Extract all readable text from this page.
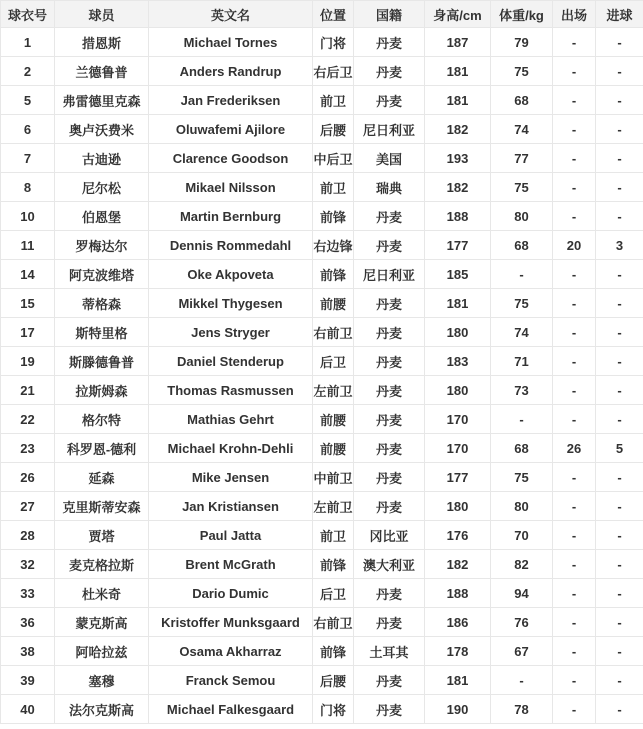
球衣号	球员	英文名	位置	国籍	身高/cm	体重/kg	出场	进球
1	措恩斯	Michael Tornes	门将	丹麦	187	79	-	-
2	兰德鲁普	Anders Randrup	右后卫	丹麦	181	75	-	-
5	弗雷德里克森	Jan Frederiksen	前卫	丹麦	181	68	-	-
6	奥卢沃费米	Oluwafemi Ajilore	后腰	尼日利亚	182	74	-	-
7	古迪逊	Clarence Goodson	中后卫	美国	193	77	-	-
8	尼尔松	Mikael Nilsson	前卫	瑞典	182	75	-	-
10	伯恩堡	Martin Bernburg	前锋	丹麦	188	80	-	-
11	罗梅达尔	Dennis Rommedahl	右边锋	丹麦	177	68	20	3
14	阿克波维塔	Oke Akpoveta	前锋	尼日利亚	185	-	-	-
15	蒂格森	Mikkel Thygesen	前腰	丹麦	181	75	-	-
17	斯特里格	Jens Stryger	右前卫	丹麦	180	74	-	-
19	斯滕德鲁普	Daniel Stenderup	后卫	丹麦	183	71	-	-
21	拉斯姆森	Thomas Rasmussen	左前卫	丹麦	180	73	-	-
22	格尔特	Mathias Gehrt	前腰	丹麦	170	-	-	-
23	科罗恩-德利	Michael Krohn-Dehli	前腰	丹麦	170	68	26	5
26	延森	Mike Jensen	中前卫	丹麦	177	75	-	-
27	克里斯蒂安森	Jan Kristiansen	左前卫	丹麦	180	80	-	-
28	贾塔	Paul Jatta	前卫	冈比亚	176	70	-	-
32	麦克格拉斯	Brent McGrath	前锋	澳大利亚	182	82	-	-
33	杜米奇	Dario Dumic	后卫	丹麦	188	94	-	-
36	蒙克斯高	Kristoffer Munksgaard	右前卫	丹麦	186	76	-	-
38	阿哈拉兹	Osama Akharraz	前锋	土耳其	178	67	-	-
39	塞穆	Franck Semou	后腰	丹麦	181	-	-	-
40	法尔克斯高	Michael Falkesgaard	门将	丹麦	190	78	-	-
